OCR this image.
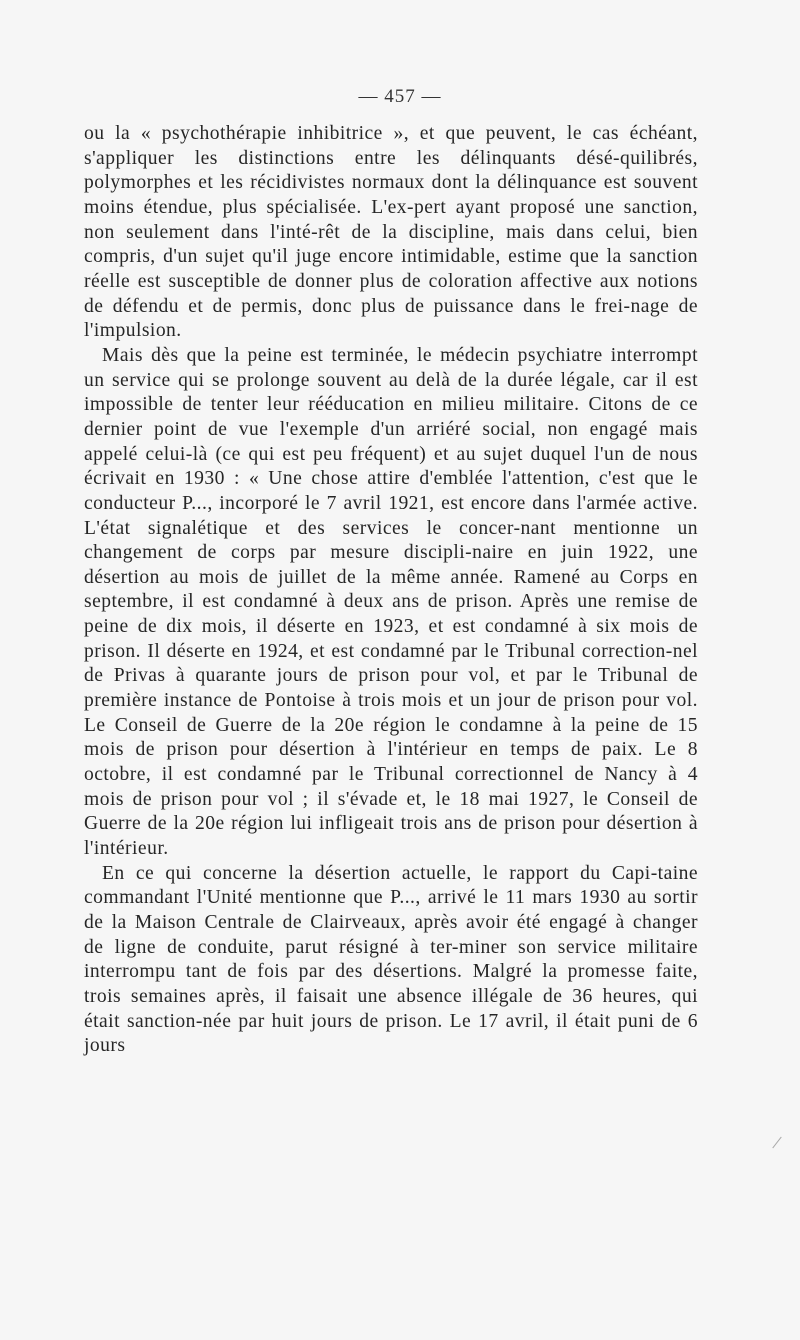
— 457 —

ou la « psychothérapie inhibitrice », et que peuvent, le cas échéant, s'appliquer les distinctions entre les délinquants désé-quilibrés, polymorphes et les récidivistes normaux dont la délinquance est souvent moins étendue, plus spécialisée. L'ex-pert ayant proposé une sanction, non seulement dans l'inté-rêt de la discipline, mais dans celui, bien compris, d'un sujet qu'il juge encore intimidable, estime que la sanction réelle est susceptible de donner plus de coloration affective aux notions de défendu et de permis, donc plus de puissance dans le frei-nage de l'impulsion.

Mais dès que la peine est terminée, le médecin psychiatre interrompt un service qui se prolonge souvent au delà de la durée légale, car il est impossible de tenter leur rééducation en milieu militaire. Citons de ce dernier point de vue l'exemple d'un arriéré social, non engagé mais appelé celui-là (ce qui est peu fréquent) et au sujet duquel l'un de nous écrivait en 1930 : « Une chose attire d'emblée l'attention, c'est que le conducteur P..., incorporé le 7 avril 1921, est encore dans l'armée active. L'état signalétique et des services le concer-nant mentionne un changement de corps par mesure discipli-naire en juin 1922, une désertion au mois de juillet de la même année. Ramené au Corps en septembre, il est condamné à deux ans de prison. Après une remise de peine de dix mois, il déserte en 1923, et est condamné à six mois de prison. Il déserte en 1924, et est condamné par le Tribunal correction-nel de Privas à quarante jours de prison pour vol, et par le Tribunal de première instance de Pontoise à trois mois et un jour de prison pour vol. Le Conseil de Guerre de la 20e région le condamne à la peine de 15 mois de prison pour désertion à l'intérieur en temps de paix. Le 8 octobre, il est condamné par le Tribunal correctionnel de Nancy à 4 mois de prison pour vol ; il s'évade et, le 18 mai 1927, le Conseil de Guerre de la 20e région lui infligeait trois ans de prison pour désertion à l'intérieur.

En ce qui concerne la désertion actuelle, le rapport du Capi-taine commandant l'Unité mentionne que P..., arrivé le 11 mars 1930 au sortir de la Maison Centrale de Clairveaux, après avoir été engagé à changer de ligne de conduite, parut résigné à ter-miner son service militaire interrompu tant de fois par des désertions. Malgré la promesse faite, trois semaines après, il faisait une absence illégale de 36 heures, qui était sanction-née par huit jours de prison. Le 17 avril, il était puni de 6 jours
